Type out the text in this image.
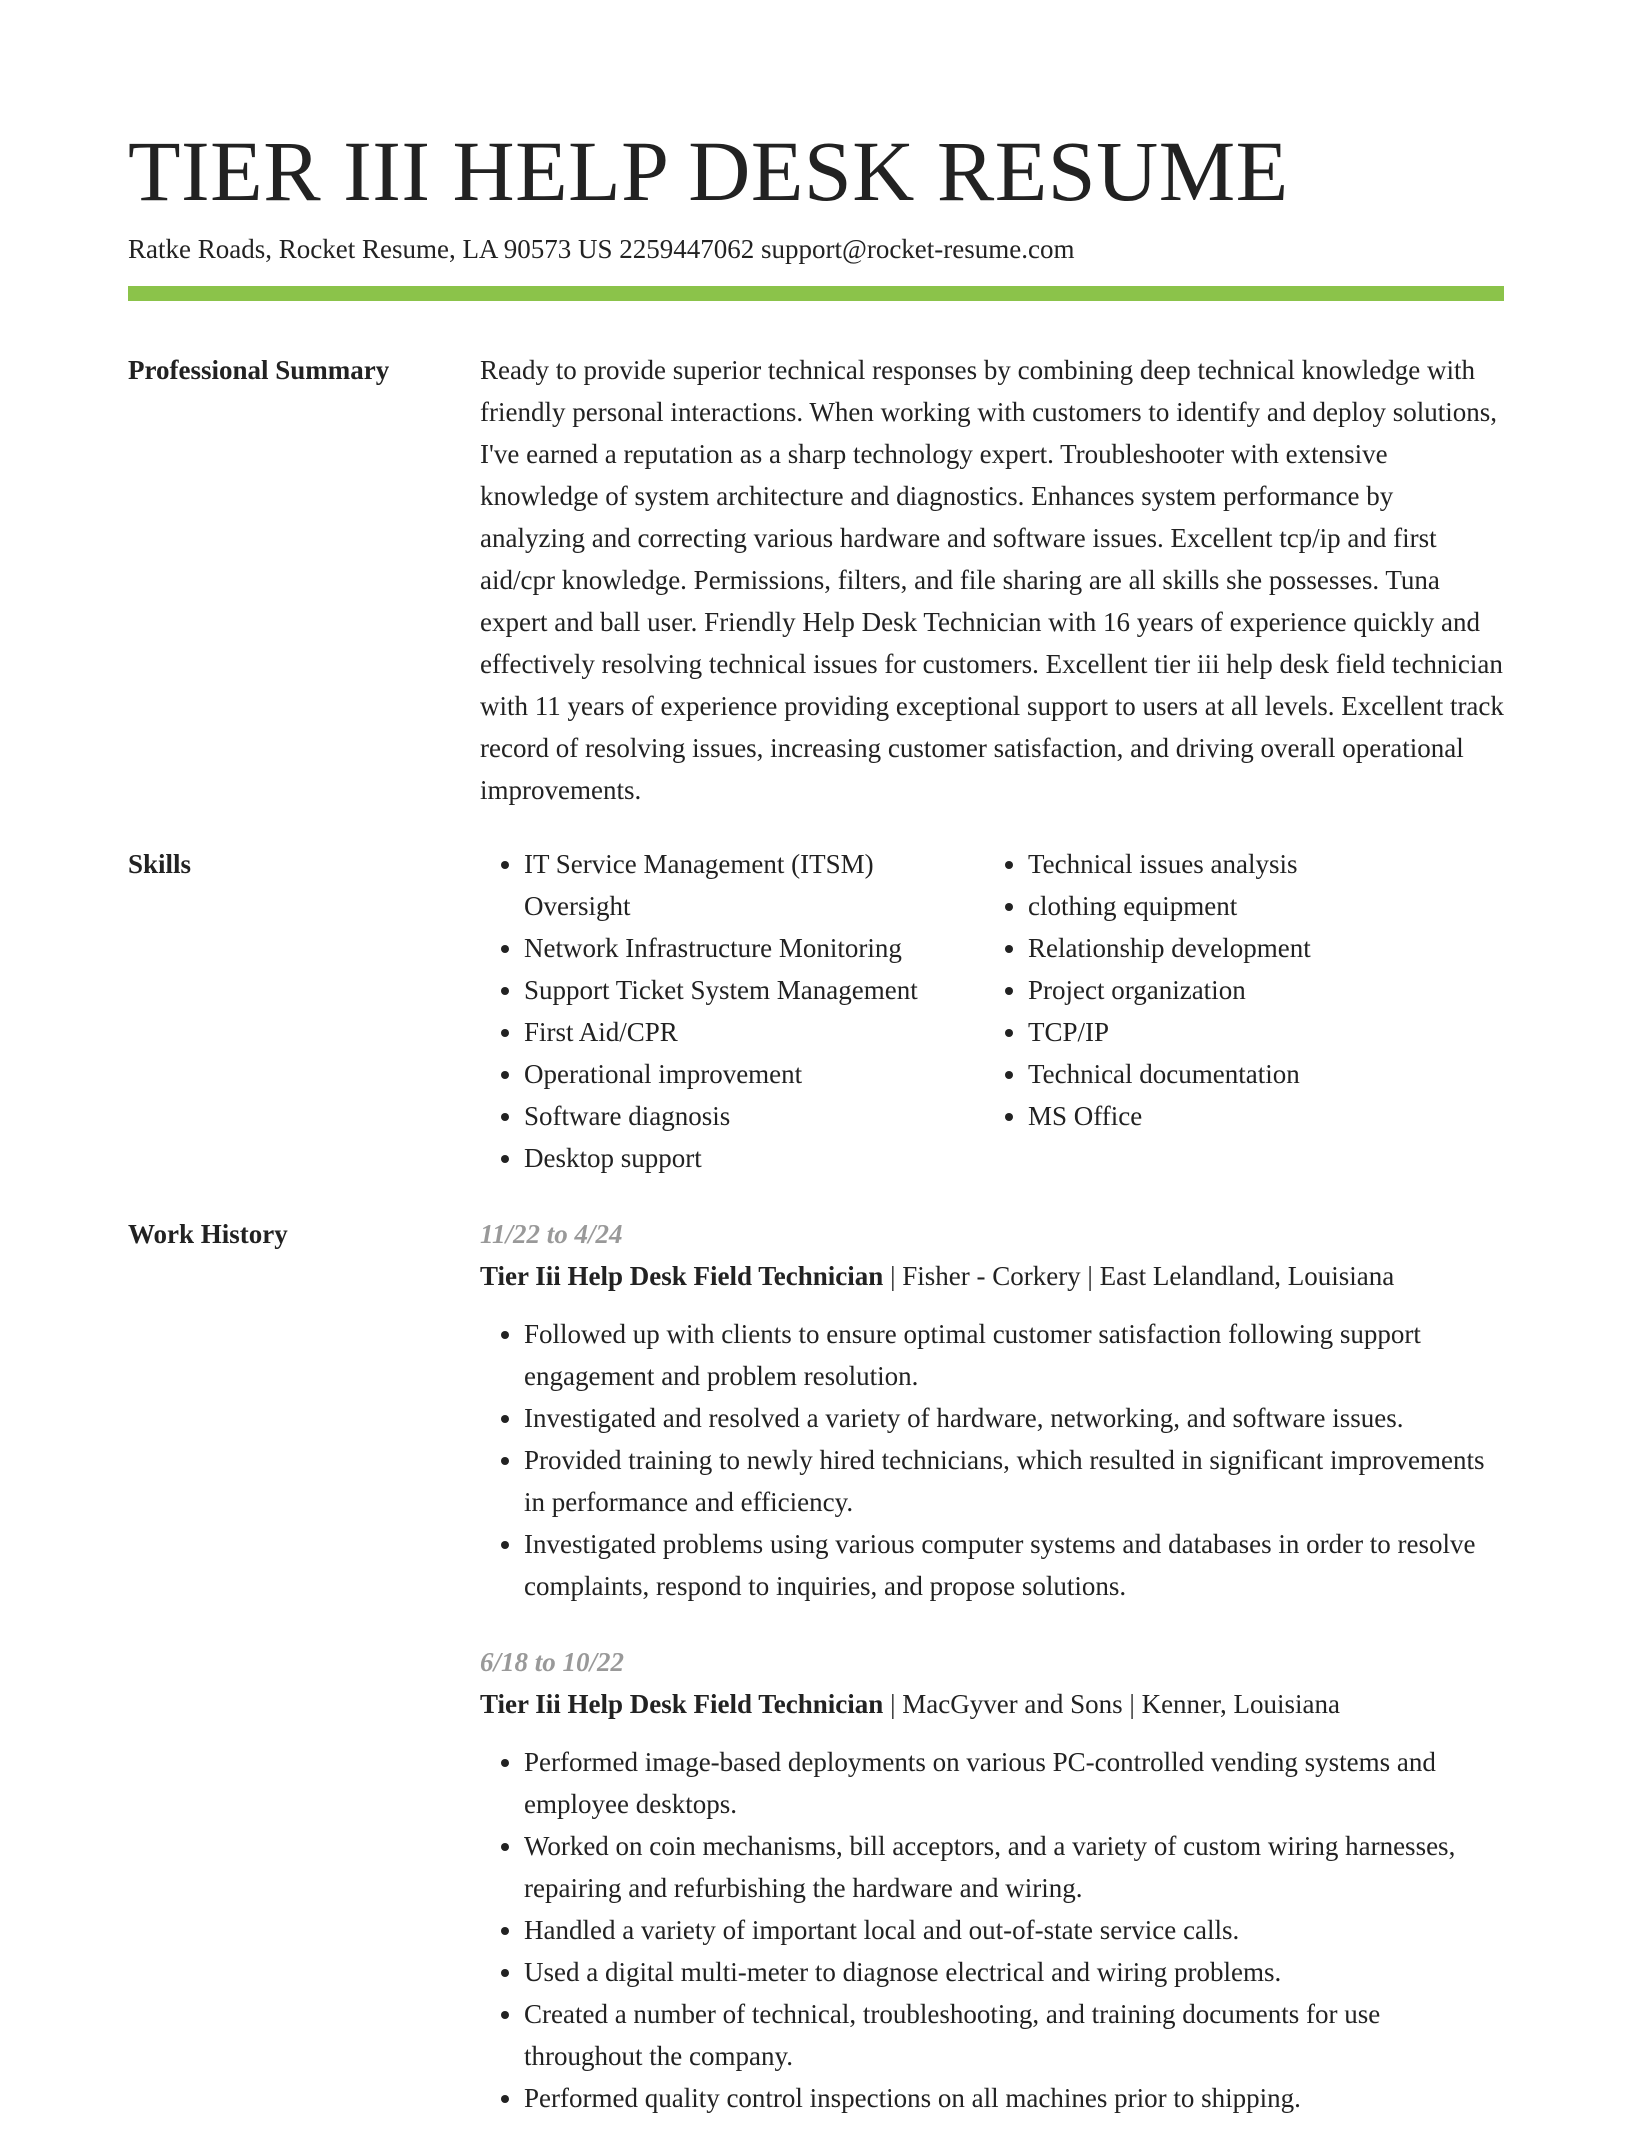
TIER III HELP DESK RESUME
Ratke Roads, Rocket Resume, LA 90573 US 2259447062 support@rocket-resume.com
Professional Summary	Ready to provide superior technical responses by combining deep technical knowledge with friendly personal interactions. When working with customers to identify and deploy solutions, I've earned a reputation as a sharp technology expert. Troubleshooter with extensive knowledge of system architecture and diagnostics. Enhances system performance by analyzing and correcting various hardware and software issues. Excellent tcp/ip and first aid/cpr knowledge. Permissions, filters, and file sharing are all skills she possesses. Tuna expert and ball user. Friendly Help Desk Technician with 16 years of experience quickly and effectively resolving technical issues for customers. Excellent tier iii help desk field technician with 11 years of experience providing exceptional support to users at all levels. Excellent track record of resolving issues, increasing customer satisfaction, and driving overall operational improvements.

Skills
•	IT Service Management (ITSM) Oversight
• Network Infrastructure Monitoring
• Support Ticket System Management
• First Aid/CPR
• Operational improvement
• Software diagnosis
• Desktop support
• Technical issues analysis
• clothing equipment
• Relationship development
• Project organization
• TCP/IP
• Technical documentation
• MS Office
Work History	11/22 to 4/24
Tier Iii Help Desk Field Technician | Fisher - Corkery | East Lelandland, Louisiana
• Followed up with clients to ensure optimal customer satisfaction following support engagement and problem resolution.
• Investigated and resolved a variety of hardware, networking, and software issues.
• Provided training to newly hired technicians, which resulted in significant improvements in performance and efficiency.
• Investigated problems using various computer systems and databases in order to resolve complaints, respond to inquiries, and propose solutions.
6/18 to 10/22
Tier Iii Help Desk Field Technician | MacGyver and Sons | Kenner, Louisiana
• Performed image-based deployments on various PC-controlled vending systems and employee desktops.
• Worked on coin mechanisms, bill acceptors, and a variety of custom wiring harnesses, repairing and refurbishing the hardware and wiring.
• Handled a variety of important local and out-of-state service calls.
• Used a digital multi-meter to diagnose electrical and wiring problems.
• Created a number of technical, troubleshooting, and training documents for use throughout the company.
• Performed quality control inspections on all machines prior to shipping.
